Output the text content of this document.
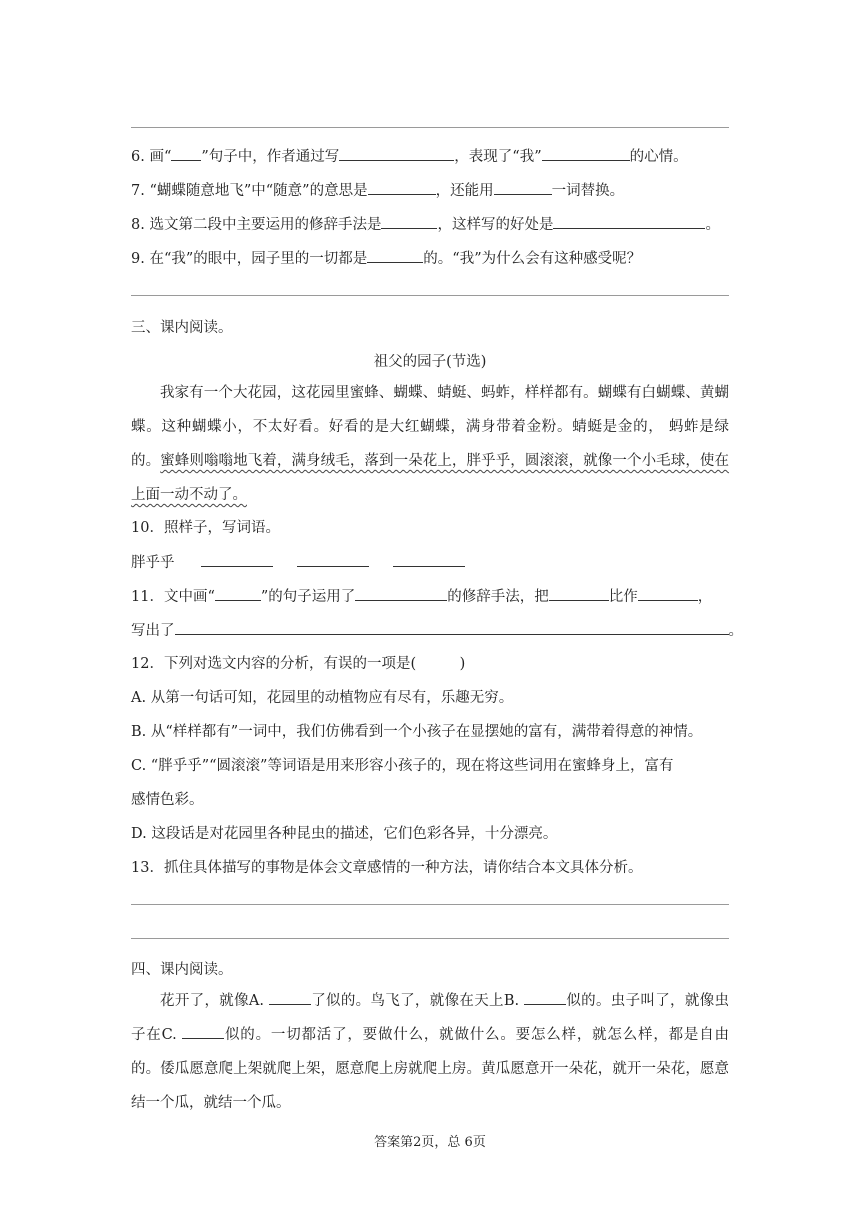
6. 画“ ”句子中，作者通过写	，表现了“我”	的心情。
7. “蝴蝶随意地飞”中“随意”的意思是	，还能用	一词替换。
8. 选文第二段中主要运用的修辞手法是	，这样写的好处是	。
9. 在“我”的眼中，园子里的一切都是	的。“我”为什么会有这种感受呢？
三、课内阅读。
祖父的园子(节选)
我家有一个大花园，这花园里蜜蜂、蝴蝶、蜻蜓、蚂蚱，样样都有。蝴蝶有白蝴蝶、黄蝴蝶。这种蝴蝶小，不太好看。好看的是大红蝴蝶，满身带着金粉。蜻蜓是金的， 蚂蚱是绿的。蜜蜂则嗡嗡地飞着，满身绒毛，落到一朵花上，胖乎乎，圆滚滚，就像一个小毛球，使在上面一动不动了。
10．照样子，写词语。
胖乎乎
11．文中画“	”的句子运用了	的修辞手法，把	比作	，
写出了	。
12．下列对选文内容的分析，有误的一项是(　　　)
A. 从第一句话可知，花园里的动植物应有尽有，乐趣无穷。
B. 从“样样都有”一词中，我们仿佛看到一个小孩子在显摆她的富有，满带着得意的神情。
C. “胖乎乎”“圆滚滚”等词语是用来形容小孩子的，现在将这些词用在蜜蜂身上，富有
感情色彩。
D. 这段话是对花园里各种昆虫的描述，它们色彩各异，十分漂亮。
13．抓住具体描写的事物是体会文章感情的一种方法，请你结合本文具体分析。
四、课内阅读。
花开了，就像A.	了似的。鸟飞了，就像在天上B.	似的。虫子叫了，就像虫子在C.	似的。一切都活了，要做什么，就做什么。要怎么样，就怎么样，都是自由的。倭瓜愿意爬上架就爬上架，愿意爬上房就爬上房。黄瓜愿意开一朵花，就开一朵花，愿意结一个瓜，就结一个瓜。
答案第2页，总 6页
